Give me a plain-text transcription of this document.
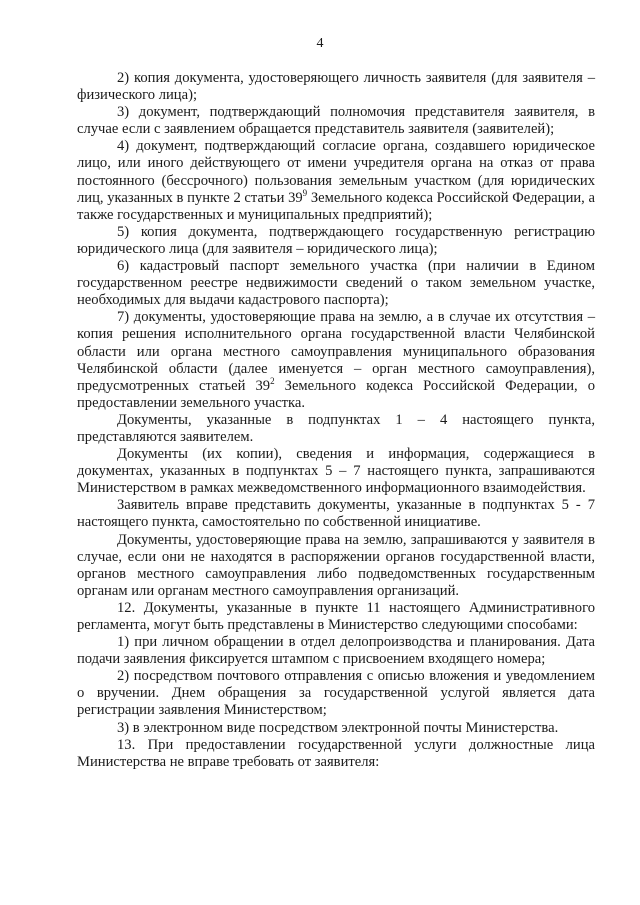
4

2) копия документа, удостоверяющего личность заявителя (для заявителя – физического лица);

3) документ, подтверждающий полномочия представителя заявителя, в случае если с заявлением обращается представитель заявителя (заявителей);

4) документ, подтверждающий согласие органа, создавшего юридическое лицо, или иного действующего от имени учредителя органа на отказ от права постоянного (бессрочного) пользования земельным участком (для юридических лиц, указанных в пункте 2 статьи $39^9$ Земельного кодекса Российской Федерации, а также государственных и муниципальных предприятий);

5) копия документа, подтверждающего государственную регистрацию юридического лица (для заявителя – юридического лица);

6) кадастровый паспорт земельного участка (при наличии в Едином государственном реестре недвижимости сведений о таком земельном участке, необходимых для выдачи кадастрового паспорта);

7) документы, удостоверяющие права на землю, а в случае их отсутствия – копия решения исполнительного органа государственной власти Челябинской области или органа местного самоуправления муниципального образования Челябинской области (далее именуется – орган местного самоуправления), предусмотренных статьей $39^2$ Земельного кодекса Российской Федерации, о предоставлении земельного участка.

Документы, указанные в подпунктах 1 – 4 настоящего пункта, представляются заявителем.

Документы (их копии), сведения и информация, содержащиеся в документах, указанных в подпунктах 5 – 7 настоящего пункта, запрашиваются Министерством в рамках межведомственного информационного взаимодействия.

Заявитель вправе представить документы, указанные в подпунктах 5 - 7 настоящего пункта, самостоятельно по собственной инициативе.

Документы, удостоверяющие права на землю, запрашиваются у заявителя в случае, если они не находятся в распоряжении органов государственной власти, органов местного самоуправления либо подведомственных государственным органам или органам местного самоуправления организаций.

12. Документы, указанные в пункте 11 настоящего Административного регламента, могут быть представлены в Министерство следующими способами:

1) при личном обращении в отдел делопроизводства и планирования. Дата подачи заявления фиксируется штампом с присвоением входящего номера;

2) посредством почтового отправления с описью вложения и уведомлением о вручении. Днем обращения за государственной услугой является дата регистрации заявления Министерством;

3) в электронном виде посредством электронной почты Министерства.

13. При предоставлении государственной услуги должностные лица Министерства не вправе требовать от заявителя:
